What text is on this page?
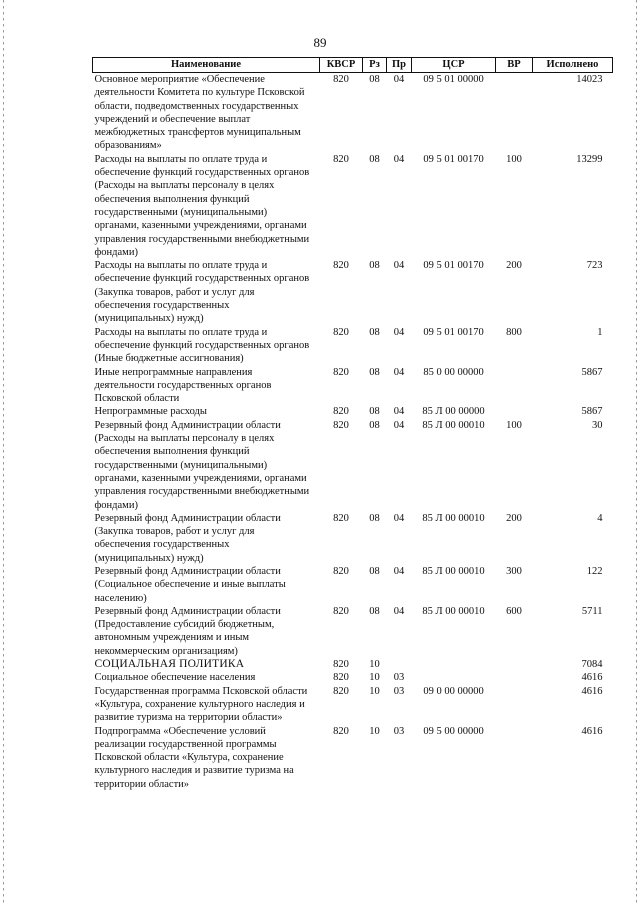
89
Наименование	КВСР	Рз	Пр	ЦСР	ВР	Исполнено
Основное мероприятие «Обеспечение деятельности Комитета по культуре Псковской области, подведомственных государственных учреждений и обеспечение выплат межбюджетных трансфертов муниципальным образованиям»	820	08	04	09 5 01 00000		14023
Расходы на выплаты по оплате труда и обеспечение функций государственных органов (Расходы на выплаты персоналу в целях обеспечения выполнения функций государственными (муниципальными) органами, казенными учреждениями, органами управления государственными внебюджетными фондами)	820	08	04	09 5 01 00170	100	13299
Расходы на выплаты по оплате труда и обеспечение функций государственных органов (Закупка товаров, работ и услуг для обеспечения государственных (муниципальных) нужд)	820	08	04	09 5 01 00170	200	723
Расходы на выплаты по оплате труда и обеспечение функций государственных органов (Иные бюджетные ассигнования)	820	08	04	09 5 01 00170	800	1
Иные непрограммные направления деятельности государственных органов Псковской области	820	08	04	85 0 00 00000		5867
Непрограммные расходы	820	08	04	85 Л 00 00000		5867
Резервный фонд Администрации области (Расходы на выплаты персоналу в целях обеспечения выполнения функций государственными (муниципальными) органами, казенными учреждениями, органами управления государственными внебюджетными фондами)	820	08	04	85 Л 00 00010	100	30
Резервный фонд Администрации области (Закупка товаров, работ и услуг для обеспечения государственных (муниципальных) нужд)	820	08	04	85 Л 00 00010	200	4
Резервный фонд Администрации области (Социальное обеспечение и иные выплаты населению)	820	08	04	85 Л 00 00010	300	122
Резервный фонд Администрации области (Предоставление субсидий бюджетным, автономным учреждениям и иным некоммерческим организациям)	820	08	04	85 Л 00 00010	600	5711
СОЦИАЛЬНАЯ ПОЛИТИКА	820	10				7084
Социальное обеспечение населения	820	10	03			4616
Государственная программа Псковской области «Культура, сохранение культурного наследия и развитие туризма на территории области»	820	10	03	09 0 00 00000		4616
Подпрограмма «Обеспечение условий реализации государственной программы Псковской области «Культура, сохранение культурного наследия и развитие туризма на территории области»	820	10	03	09 5 00 00000		4616
